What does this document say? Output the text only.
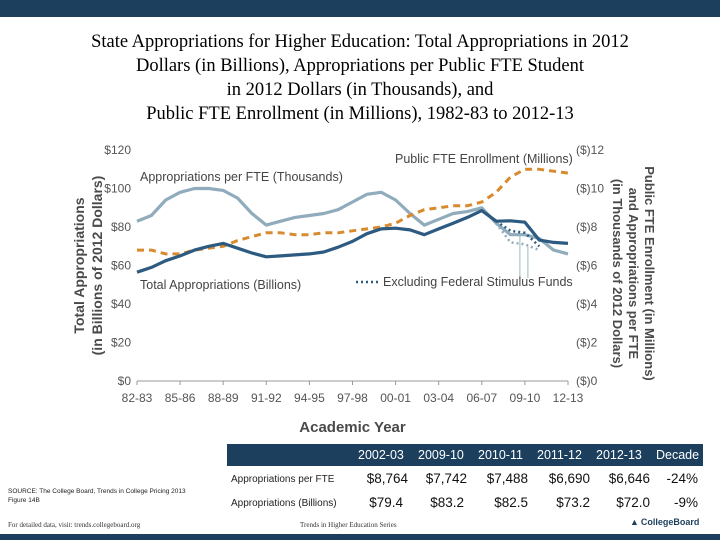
State Appropriations for Higher Education: Total Appropriations in 2012
Dollars (in Billions), Appropriations per Public FTE Student
in 2012 Dollars (in Thousands), and
Public FTE Enrollment (in Millions), 1982-83 to 2012-13
$0
$20
$40
$60
$80
$100
$120
($)0
($)2
($)4
($)6
($)8
($)10
($)12
82-83 85-86 88-89 91-92 94-95 97-98 00-01 03-04 06-07 09-10 12-13
Academic Year
Total Appropriations (in Billions of 2012 Dollars)	Public FTE Enrollment (in Millions)
and Appropriations per FTE
(in Thousands of 2012 Dollars)
Appropriations per FTE (Thousands)
Public FTE Enrollment (Millions)
Total Appropriations (Billions)	Excluding Federal Stimulus Funds
2002-03 2009-10 2010-11 2011-12 2012-13 Decade
Appropriations per FTE	$8,764	$7,742	$7,488	$6,690	$6,646	-24%
Appropriations (Billions)	$79.4	$83.2	$82.5	$73.2	$72.0	-9%
SOURCE: The College Board, Trends in College Pricing 2013
Figure 14B
For detailed data, visit: trends.collegeboard.org	Trends in Higher Education Series	▲ CollegeBoard
